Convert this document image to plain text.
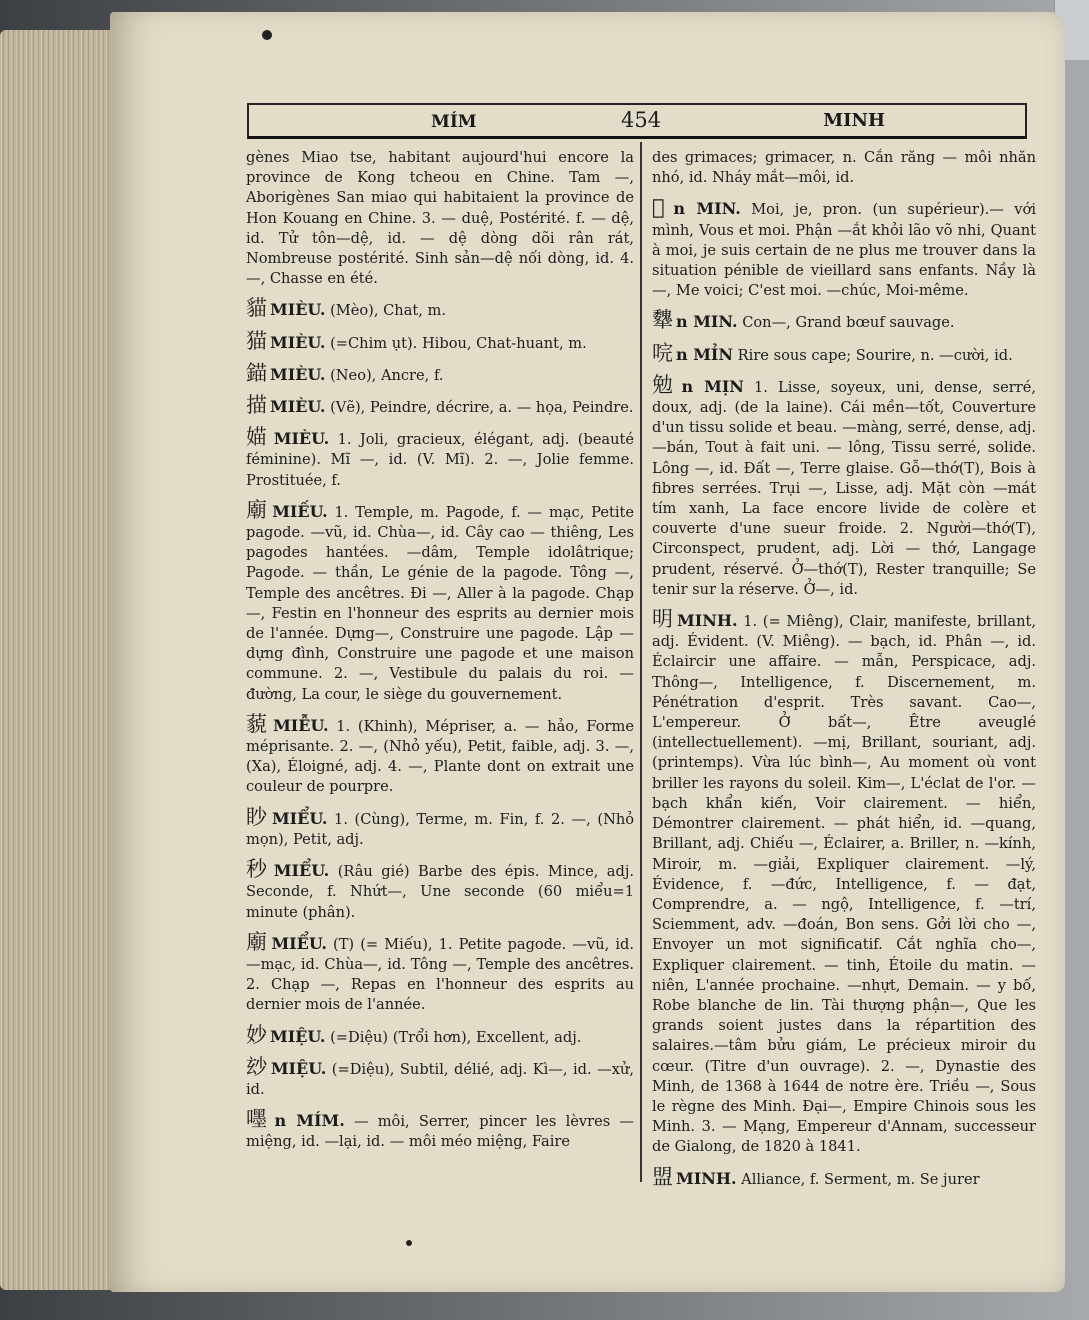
MÍM	454	MINH

gènes Miao tse, habitant aujourd'hui encore la province de Kong tcheou en Chine. Tam —, Aborigènes San miao qui habitaient la province de Hon Kouang en Chine. 3. — duệ, Postérité. f. — dệ, id. Tử tôn—dệ, id. — dệ dòng dõi rân rát, Nombreuse postérité. Sinh sản—dệ nối dòng, id. 4. —, Chasse en été.

貓 MIÈU. (Mèo), Chat, m.

猫 MIÈU. (=Chim ụt). Hibou, Chat-huant, m.

錨 MIÈU. (Neo), Ancre, f.

描 MIÈU. (Vẽ), Peindre, décrire, a. — họa, Peindre.

媌 MIÈU. 1. Joli, gracieux, élégant, adj. (beauté féminine). Mĩ —, id. (V. Mĩ). 2. —, Jolie femme. Prostituée, f.

廟 MIẾU. 1. Temple, m. Pagode, f. — mạc, Petite pagode. —vũ, id. Chùa—, id. Cây cao — thiêng, Les pagodes hantées. —dâm, Temple idolâtrique; Pagode. — thần, Le génie de la pagode. Tông —, Temple des ancêtres. Đi —, Aller à la pagode. Chạp —, Festin en l'honneur des esprits au dernier mois de l'année. Dựng—, Construire une pagode. Lập — dựng đình, Construire une pagode et une maison commune. 2. —, Vestibule du palais du roi. — đường, La cour, le siège du gouvernement.

藐 MIỄU. 1. (Khinh), Mépriser, a. — hảo, Forme méprisante. 2. —, (Nhỏ yếu), Petit, faible, adj. 3. —, (Xa), Éloigné, adj. 4. —, Plante dont on extrait une couleur de pourpre.

眇 MIỂU. 1. (Cùng), Terme, m. Fin, f. 2. —, (Nhỏ mọn), Petit, adj.

秒 MIỂU. (Râu gié) Barbe des épis. Mince, adj. Seconde, f. Nhứt—, Une seconde (60 miểu=1 minute (phân).

廟 MIỂU. (T) (= Miếu), 1. Petite pagode. —vũ, id. —mạc, id. Chùa—, id. Tông —, Temple des ancêtres. 2. Chạp —, Repas en l'honneur des esprits au dernier mois de l'année.

妙 MIỆU. (=Diệu) (Trổi hơn), Excellent, adj.

玅 MIỆU. (=Diệu), Subtil, délié, adj. Kì—, id. —xử, id.

嚜 n MÍM. — môi, Serrer, pincer les lèvres —miệng, id. —lại, id. — môi méo miệng, Faire

des grimaces; grimacer, n. Cắn răng — môi nhăn nhó, id. Nháy mắt—môi, id.

𪸍 n MIN. Moi, je, pron. (un supérieur).— với mình, Vous et moi. Phận —ắt khỏi lão võ nhi, Quant à moi, je suis certain de ne plus me trouver dans la situation pénible de vieillard sans enfants. Nầy là—, Me voici; C'est moi. —chúc, Moi-même.

犩 n MIN. Con—, Grand bœuf sauvage.

唍 n MỈN Rire sous cape; Sourire, n. —cười, id.

勉 n MỊN 1. Lisse, soyeux, uni, dense, serré, doux, adj. (de la laine). Cái mền—tốt, Couverture d'un tissu solide et beau. —màng, serré, dense, adj.—bán, Tout à fait uni. — lông, Tissu serré, solide. Lông —, id. Đất —, Terre glaise. Gỗ—thớ(T), Bois à fibres serrées. Trụi —, Lisse, adj. Mặt còn —mát tím xanh, La face encore livide de colère et couverte d'une sueur froide. 2. Người—thớ(T), Circonspect, prudent, adj. Lời — thớ, Langage prudent, réservé. Ở—thớ(T), Rester tranquille; Se tenir sur la réserve. Ở—, id.

明 MINH. 1. (= Miêng), Clair, manifeste, brillant, adj. Évident. (V. Miêng). — bạch, id. Phân —, id. Éclaircir une affaire. — mẫn, Perspicace, adj. Thông—, Intelligence, f. Discernement, m. Pénétration d'esprit. Très savant. Cao—, L'empereur. Ở bất—, Être aveuglé (intellectuellement). —mị, Brillant, souriant, adj. (printemps). Vừa lúc bình—, Au moment où vont briller les rayons du soleil. Kim—, L'éclat de l'or. — bạch khẩn kiến, Voir clairement. — hiển, Démontrer clairement. — phát hiển, id. —quang, Brillant, adj. Chiếu —, Éclairer, a. Briller, n. —kính, Miroir, m. —giải, Expliquer clairement. —lý, Évidence, f. —đức, Intelligence, f. — đạt, Comprendre, a. — ngộ, Intelligence, f. —trí, Sciemment, adv. —đoán, Bon sens. Gởi lời cho —, Envoyer un mot significatif. Cắt nghĩa cho—, Expliquer clairement. — tinh, Étoile du matin. —niên, L'année prochaine. —nhựt, Demain. — y bố, Robe blanche de lin. Tài thượng phận—, Que les grands soient justes dans la répartition des salaires.—tâm bửu giám, Le précieux miroir du cœur. (Titre d'un ouvrage). 2. —, Dynastie des Minh, de 1368 à 1644 de notre ère. Triều —, Sous le règne des Minh. Đại—, Empire Chinois sous les Minh. 3. — Mạng, Empereur d'Annam, successeur de Gialong, de 1820 à 1841.

盟 MINH. Alliance, f. Serment, m. Se jurer
